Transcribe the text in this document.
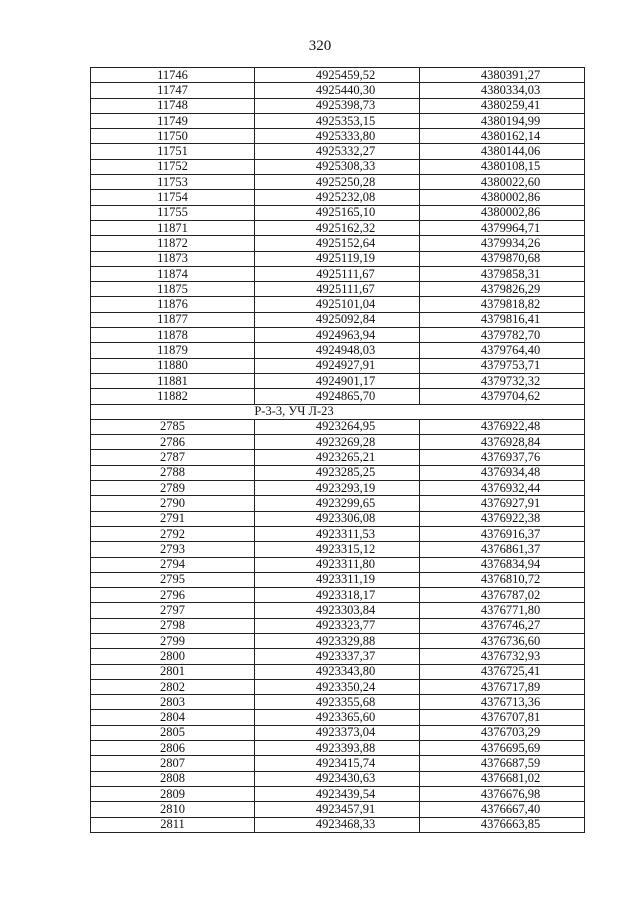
320
11746	4925459,52	4380391,27
11747	4925440,30	4380334,03
11748	4925398,73	4380259,41
11749	4925353,15	4380194,99
11750	4925333,80	4380162,14
11751	4925332,27	4380144,06
11752	4925308,33	4380108,15
11753	4925250,28	4380022,60
11754	4925232,08	4380002,86
11755	4925165,10	4380002,86
11871	4925162,32	4379964,71
11872	4925152,64	4379934,26
11873	4925119,19	4379870,68
11874	4925111,67	4379858,31
11875	4925111,67	4379826,29
11876	4925101,04	4379818,82
11877	4925092,84	4379816,41
11878	4924963,94	4379782,70
11879	4924948,03	4379764,40
11880	4924927,91	4379753,71
11881	4924901,17	4379732,32
11882	4924865,70	4379704,62
Р-3-3, УЧ Л-23		
2785	4923264,95	4376922,48
2786	4923269,28	4376928,84
2787	4923265,21	4376937,76
2788	4923285,25	4376934,48
2789	4923293,19	4376932,44
2790	4923299,65	4376927,91
2791	4923306,08	4376922,38
2792	4923311,53	4376916,37
2793	4923315,12	4376861,37
2794	4923311,80	4376834,94
2795	4923311,19	4376810,72
2796	4923318,17	4376787,02
2797	4923303,84	4376771,80
2798	4923323,77	4376746,27
2799	4923329,88	4376736,60
2800	4923337,37	4376732,93
2801	4923343,80	4376725,41
2802	4923350,24	4376717,89
2803	4923355,68	4376713,36
2804	4923365,60	4376707,81
2805	4923373,04	4376703,29
2806	4923393,88	4376695,69
2807	4923415,74	4376687,59
2808	4923430,63	4376681,02
2809	4923439,54	4376676,98
2810	4923457,91	4376667,40
2811	4923468,33	4376663,85
